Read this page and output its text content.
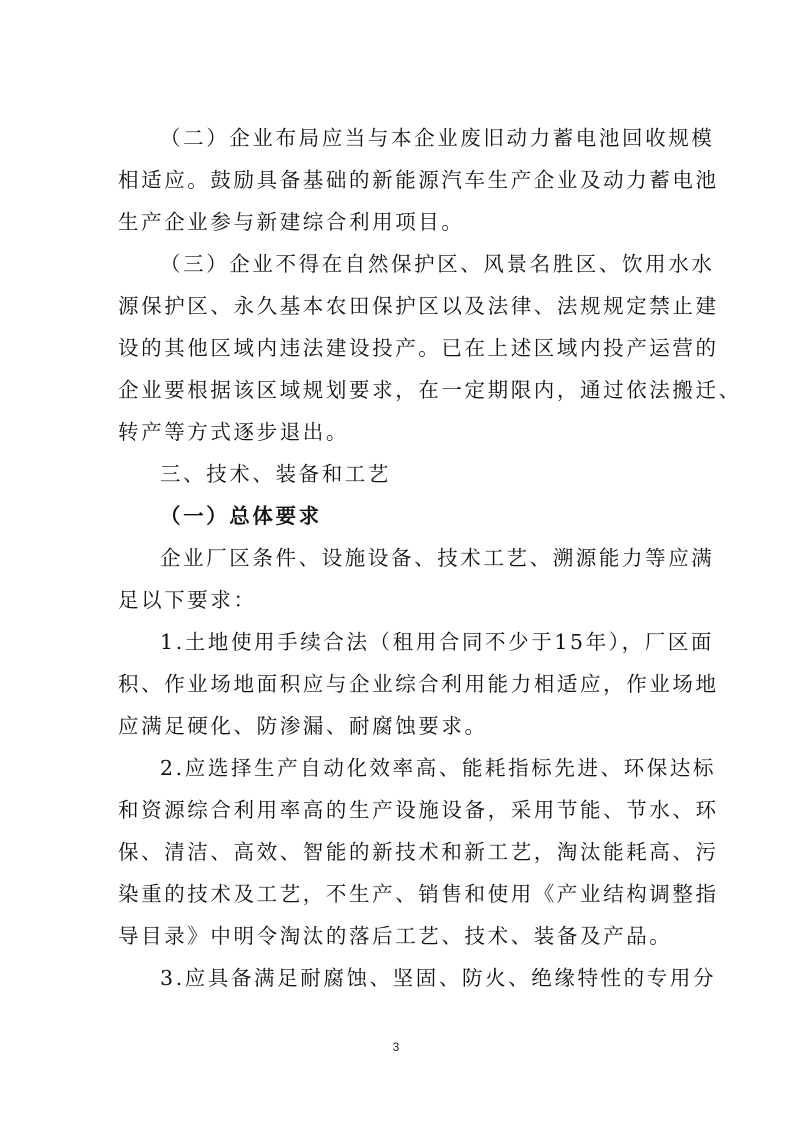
（二）企业布局应当与本企业废旧动力蓄电池回收规模
相适应。鼓励具备基础的新能源汽车生产企业及动力蓄电池
生产企业参与新建综合利用项目。
（三）企业不得在自然保护区、风景名胜区、饮用水水
源保护区、永久基本农田保护区以及法律、法规规定禁止建
设的其他区域内违法建设投产。已在上述区域内投产运营的
企业要根据该区域规划要求，在一定期限内，通过依法搬迁、
转产等方式逐步退出。
三、技术、装备和工艺
（一）总体要求
企业厂区条件、设施设备、技术工艺、溯源能力等应满
足以下要求：
1.土地使用手续合法（租用合同不少于15年），厂区面
积、作业场地面积应与企业综合利用能力相适应，作业场地
应满足硬化、防渗漏、耐腐蚀要求。
2.应选择生产自动化效率高、能耗指标先进、环保达标
和资源综合利用率高的生产设施设备，采用节能、节水、环
保、清洁、高效、智能的新技术和新工艺，淘汰能耗高、污
染重的技术及工艺，不生产、销售和使用《产业结构调整指
导目录》中明令淘汰的落后工艺、技术、装备及产品。
3.应具备满足耐腐蚀、坚固、防火、绝缘特性的专用分
3
